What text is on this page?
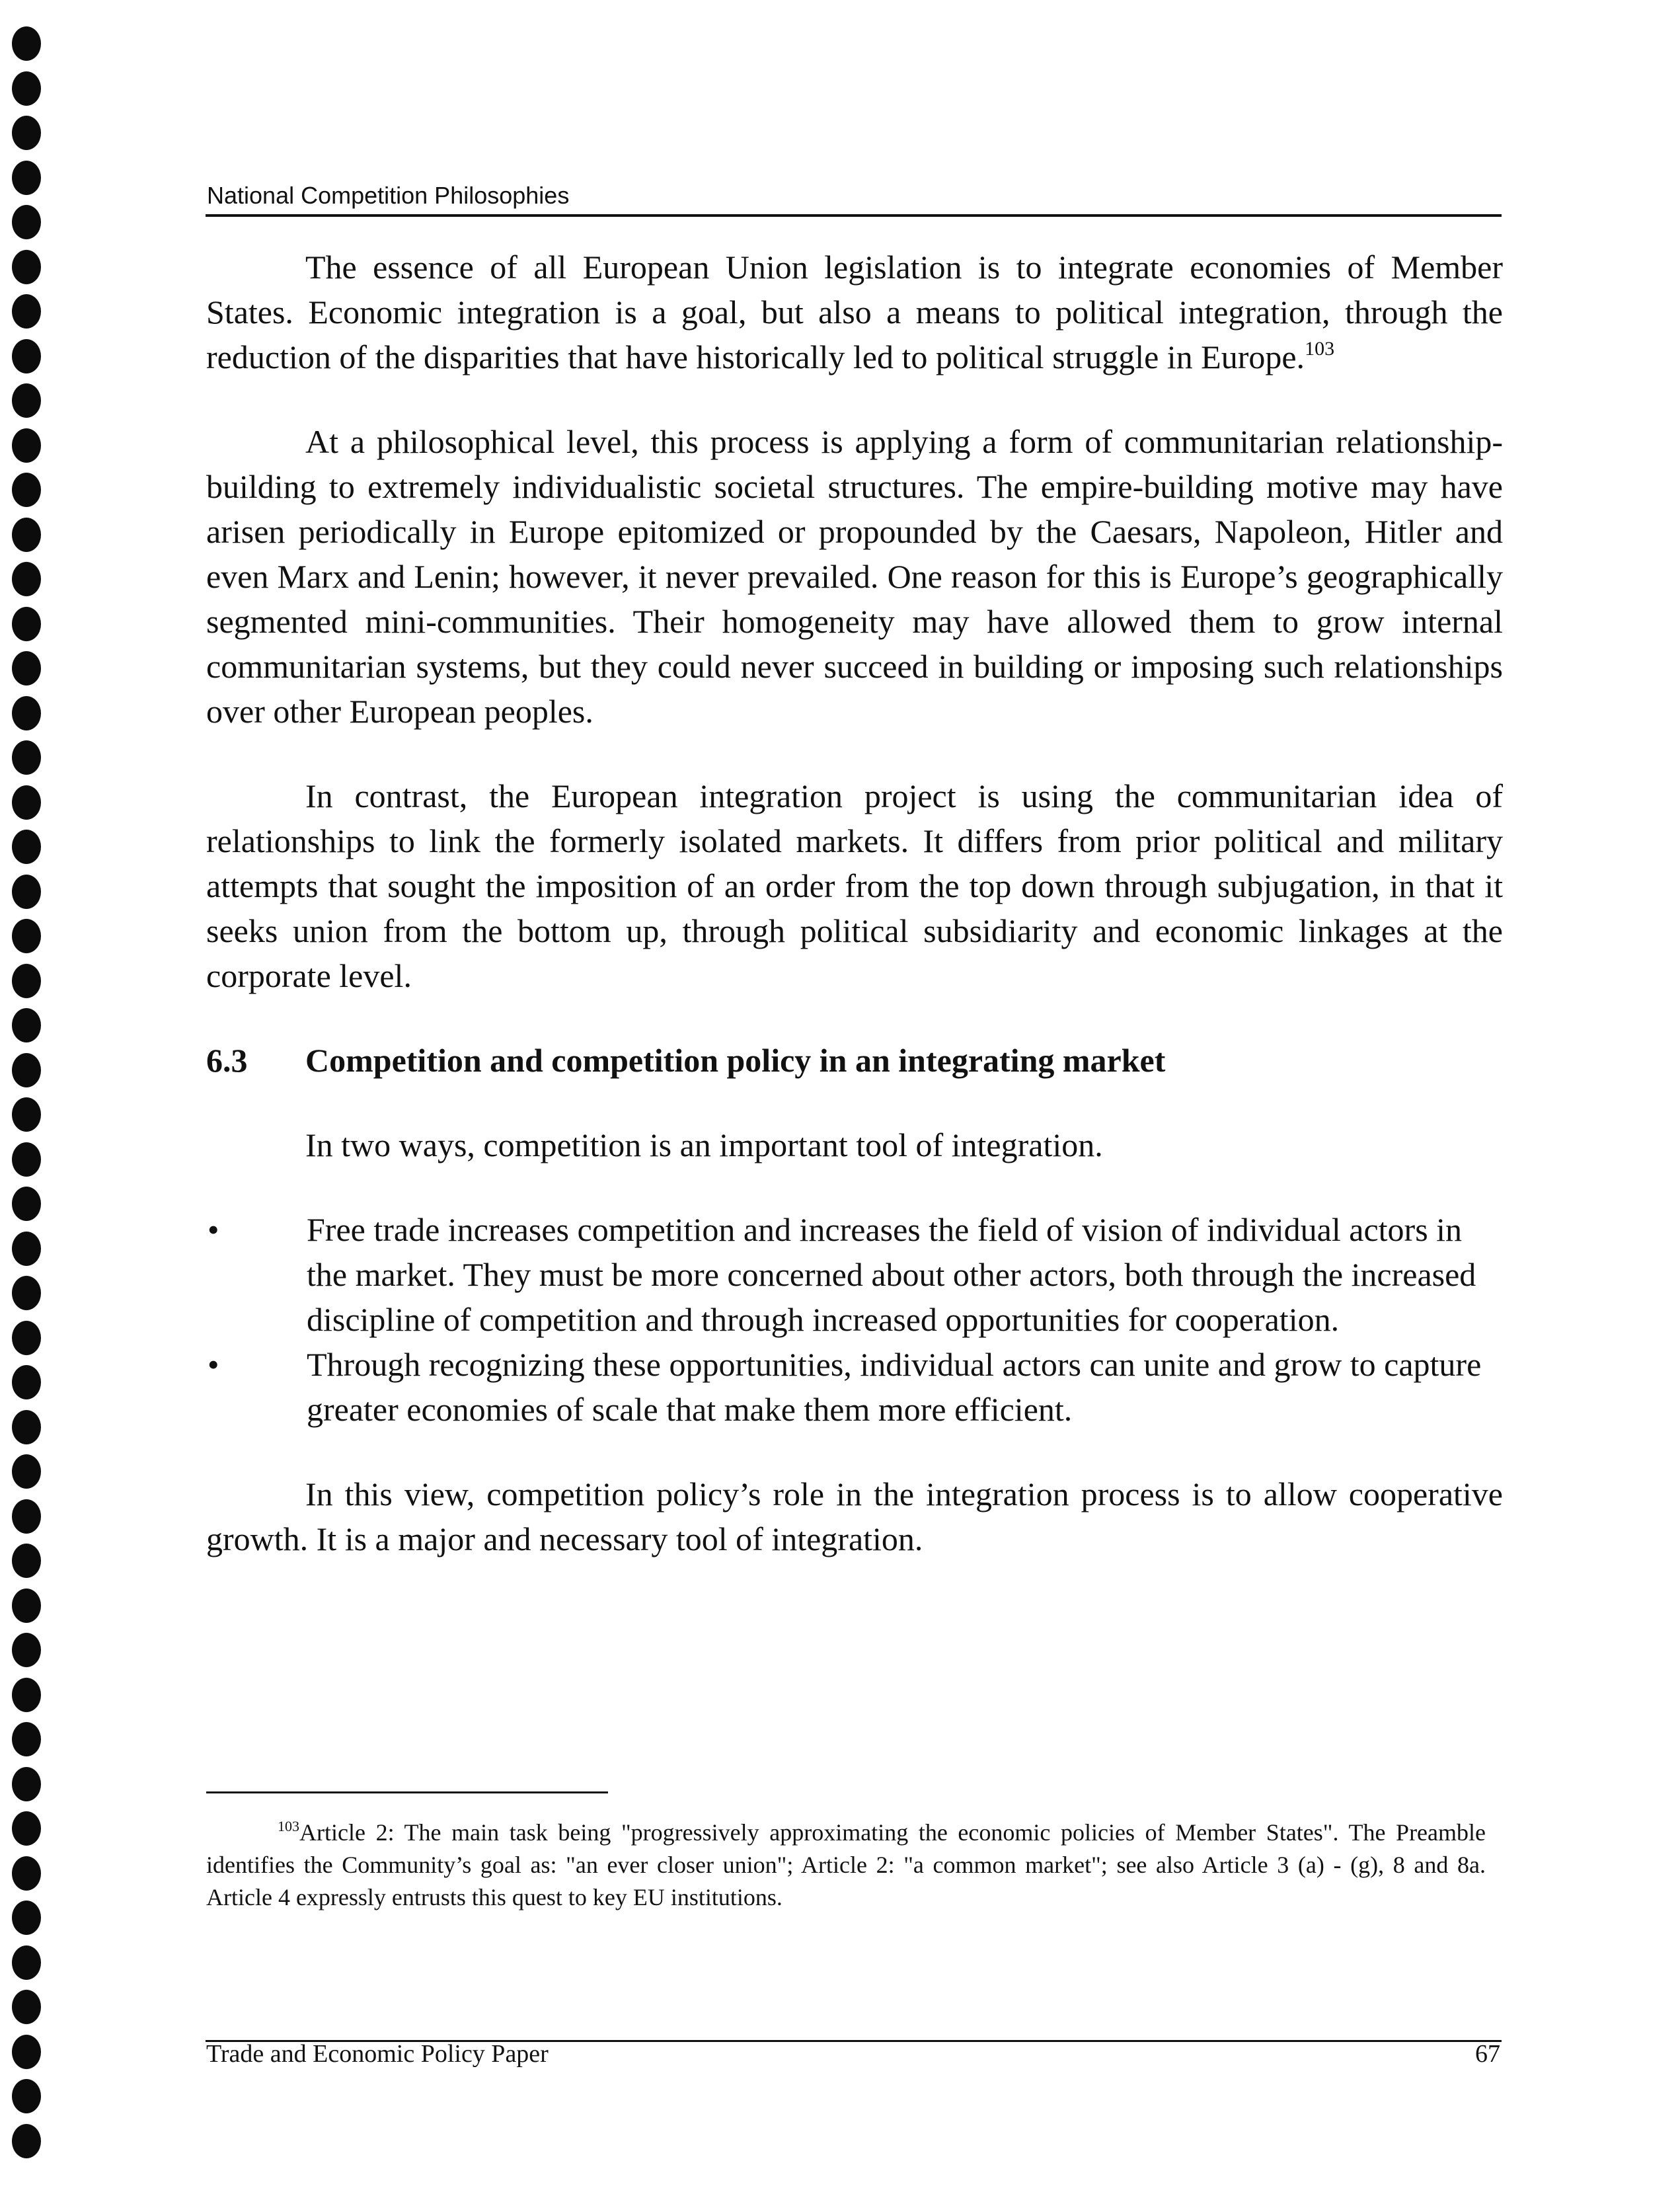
National Competition Philosophies

The essence of all European Union legislation is to integrate economies of Member States. Economic integration is a goal, but also a means to political integration, through the reduction of the disparities that have historically led to political struggle in Europe.$^{103}$

At a philosophical level, this process is applying a form of communitarian relationship-building to extremely individualistic societal structures. The empire-building motive may have arisen periodically in Europe epitomized or propounded by the Caesars, Napoleon, Hitler and even Marx and Lenin; however, it never prevailed. One reason for this is Europe’s geographically segmented mini-communities. Their homogeneity may have allowed them to grow internal communitarian systems, but they could never succeed in building or imposing such relationships over other European peoples.

In contrast, the European integration project is using the communitarian idea of relationships to link the formerly isolated markets. It differs from prior political and military attempts that sought the imposition of an order from the top down through subjugation, in that it seeks union from the bottom up, through political subsidiarity and economic linkages at the corporate level.

6.3	Competition and competition policy in an integrating market

In two ways, competition is an important tool of integration.

•	Free trade increases competition and increases the field of vision of individual actors in the market. They must be more concerned about other actors, both through the increased discipline of competition and through increased opportunities for cooperation.
•	Through recognizing these opportunities, individual actors can unite and grow to capture greater economies of scale that make them more efficient.

In this view, competition policy’s role in the integration process is to allow cooperative growth. It is a major and necessary tool of integration.

$^{103}$Article 2: The main task being "progressively approximating the economic policies of Member States". The Preamble identifies the Community’s goal as: "an ever closer union"; Article 2: "a common market"; see also Article 3 (a) - (g), 8 and 8a. Article 4 expressly entrusts this quest to key EU institutions.

Trade and Economic Policy Paper	67
